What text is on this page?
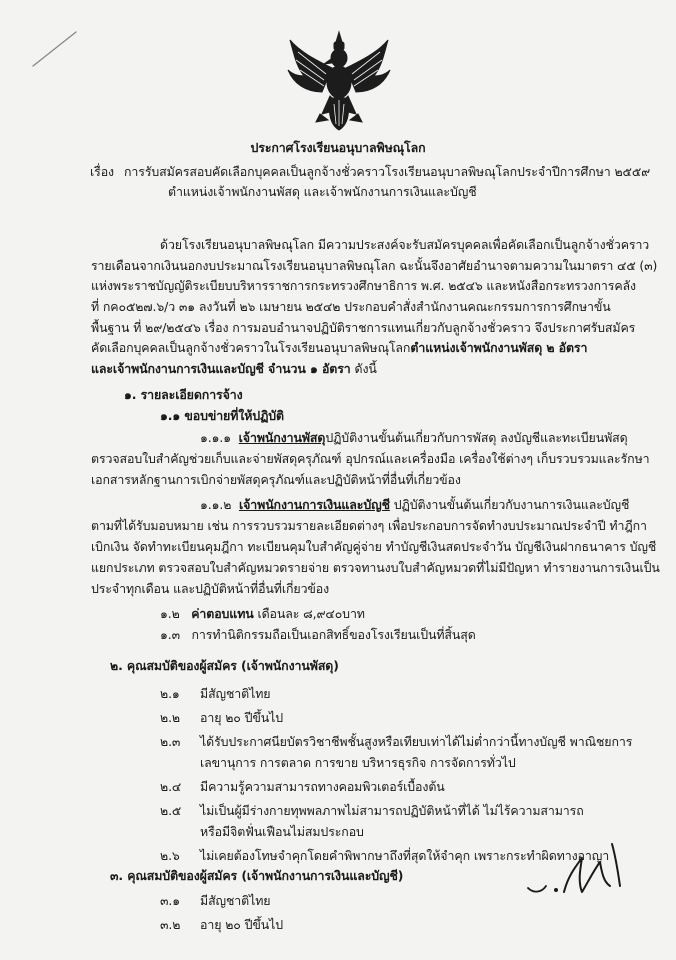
ประกาศโรงเรียนอนุบาลพิษณุโลก
เรื่อง การรับสมัครสอบคัดเลือกบุคคลเป็นลูกจ้างชั่วคราวโรงเรียนอนุบาลพิษณุโลกประจำปีการศึกษา ๒๕๕๙
ตำแหน่งเจ้าพนักงานพัสดุ และเจ้าพนักงานการเงินและบัญชี
ด้วยโรงเรียนอนุบาลพิษณุโลก มีความประสงค์จะรับสมัครบุคคลเพื่อคัดเลือกเป็นลูกจ้างชั่วคราว
รายเดือนจากเงินนอกงบประมาณโรงเรียนอนุบาลพิษณุโลก ฉะนั้นจึงอาศัยอำนาจตามความในมาตรา ๔๕ (๓)
แห่งพระราชบัญญัติระเบียบบริหารราชการกระทรวงศึกษาธิการ พ.ศ. ๒๕๔๖ และหนังสือกระทรวงการคลัง
ที่ กค๐๕๒๗.๖/ว ๓๑ ลงวันที่ ๒๖ เมษายน ๒๕๔๒ ประกอบคำสั่งสำนักงานคณะกรรมการการศึกษาขั้น
พื้นฐาน ที่ ๒๙/๒๕๔๖ เรื่อง การมอบอำนาจปฏิบัติราชการแทนเกี่ยวกับลูกจ้างชั่วคราว จึงประกาศรับสมัคร
คัดเลือกบุคคลเป็นลูกจ้างชั่วคราวในโรงเรียนอนุบาลพิษณุโลกตำแหน่งเจ้าพนักงานพัสดุ ๒ อัตรา
และเจ้าพนักงานการเงินและบัญชี จำนวน ๑ อัตรา ดังนี้
๑. รายละเอียดการจ้าง
๑.๑ ขอบข่ายที่ให้ปฏิบัติ
๑.๑.๑ เจ้าพนักงานพัสดุปฏิบัติงานขั้นต้นเกี่ยวกับการพัสดุ ลงบัญชีและทะเบียนพัสดุ
ตรวจสอบใบสำคัญช่วยเก็บและจ่ายพัสดุครุภัณฑ์ อุปกรณ์และเครื่องมือ เครื่องใช้ต่างๆ เก็บรวบรวมและรักษา
เอกสารหลักฐานการเบิกจ่ายพัสดุครุภัณฑ์และปฏิบัติหน้าที่อื่นที่เกี่ยวข้อง
๑.๑.๒ เจ้าพนักงานการเงินและบัญชี ปฏิบัติงานขั้นต้นเกี่ยวกับงานการเงินและบัญชี
ตามที่ได้รับมอบหมาย เช่น การรวบรวมรายละเอียดต่างๆ เพื่อประกอบการจัดทำงบประมาณประจำปี ทำฎีกา
เบิกเงิน จัดทำทะเบียนคุมฎีกา ทะเบียนคุมใบสำคัญคู่จ่าย ทำบัญชีเงินสดประจำวัน บัญชีเงินฝากธนาคาร บัญชี
แยกประเภท ตรวจสอบใบสำคัญหมวดรายจ่าย ตรวจทานงบใบสำคัญหมวดที่ไม่มีปัญหา ทำรายงานการเงินเป็น
ประจำทุกเดือน และปฏิบัติหน้าที่อื่นที่เกี่ยวข้อง
๑.๒ ค่าตอบแทน เดือนละ ๘,๙๔๐บาท
๑.๓ การทำนิติกรรมถือเป็นเอกสิทธิ์ของโรงเรียนเป็นที่สิ้นสุด
๒. คุณสมบัติของผู้สมัคร (เจ้าพนักงานพัสดุ)
๒.๑ มีสัญชาติไทย
๒.๒ อายุ ๒๐ ปีขึ้นไป
๒.๓ ได้รับประกาศนียบัตรวิชาชีพชั้นสูงหรือเทียบเท่าได้ไม่ต่ำกว่านี้ทางบัญชี พาณิชยการ
เลขานุการ การตลาด การขาย บริหารธุรกิจ การจัดการทั่วไป
๒.๔ มีความรู้ความสามารถทางคอมพิวเตอร์เบื้องต้น
๒.๕ ไม่เป็นผู้มีร่างกายทุพพลภาพไม่สามารถปฏิบัติหน้าที่ได้ ไม่ไร้ความสามารถ
หรือมีจิตฟั่นเฟือนไม่สมประกอบ
๒.๖ ไม่เคยต้องโทษจำคุกโดยคำพิพากษาถึงที่สุดให้จำคุก เพราะกระทำผิดทางอาญา
๓. คุณสมบัติของผู้สมัคร (เจ้าพนักงานการเงินและบัญชี)
๓.๑ มีสัญชาติไทย
๓.๒ อายุ ๒๐ ปีขึ้นไป
